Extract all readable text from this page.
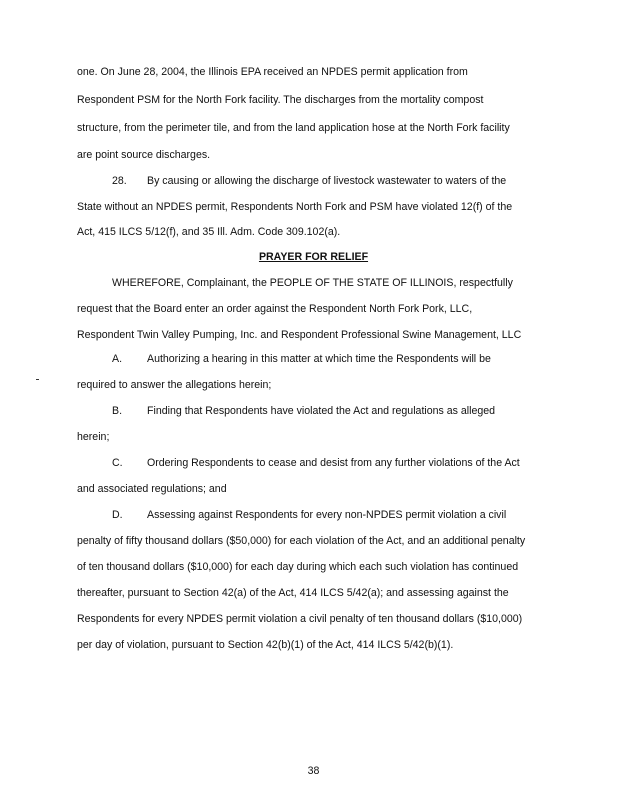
one. On June 28, 2004, the Illinois EPA received an NPDES permit application from
Respondent PSM for the North Fork facility. The discharges from the mortality compost
structure, from the perimeter tile, and from the land application hose at the North Fork facility
are point source discharges.
28. By causing or allowing the discharge of livestock wastewater to waters of the
State without an NPDES permit, Respondents North Fork and PSM have violated 12(f) of the
Act, 415 ILCS 5/12(f), and 35 Ill. Adm. Code 309.102(a).
PRAYER FOR RELIEF
WHEREFORE, Complainant, the PEOPLE OF THE STATE OF ILLINOIS, respectfully
request that the Board enter an order against the Respondent North Fork Pork, LLC,
Respondent Twin Valley Pumping, Inc. and Respondent Professional Swine Management, LLC
A. Authorizing a hearing in this matter at which time the Respondents will be
required to answer the allegations herein;
B. Finding that Respondents have violated the Act and regulations as alleged
herein;
C. Ordering Respondents to cease and desist from any further violations of the Act
and associated regulations; and
D. Assessing against Respondents for every non-NPDES permit violation a civil
penalty of fifty thousand dollars ($50,000) for each violation of the Act, and an additional penalty
of ten thousand dollars ($10,000) for each day during which each such violation has continued
thereafter, pursuant to Section 42(a) of the Act, 414 ILCS 5/42(a); and assessing against the
Respondents for every NPDES permit violation a civil penalty of ten thousand dollars ($10,000)
per day of violation, pursuant to Section 42(b)(1) of the Act, 414 ILCS 5/42(b)(1).
38
